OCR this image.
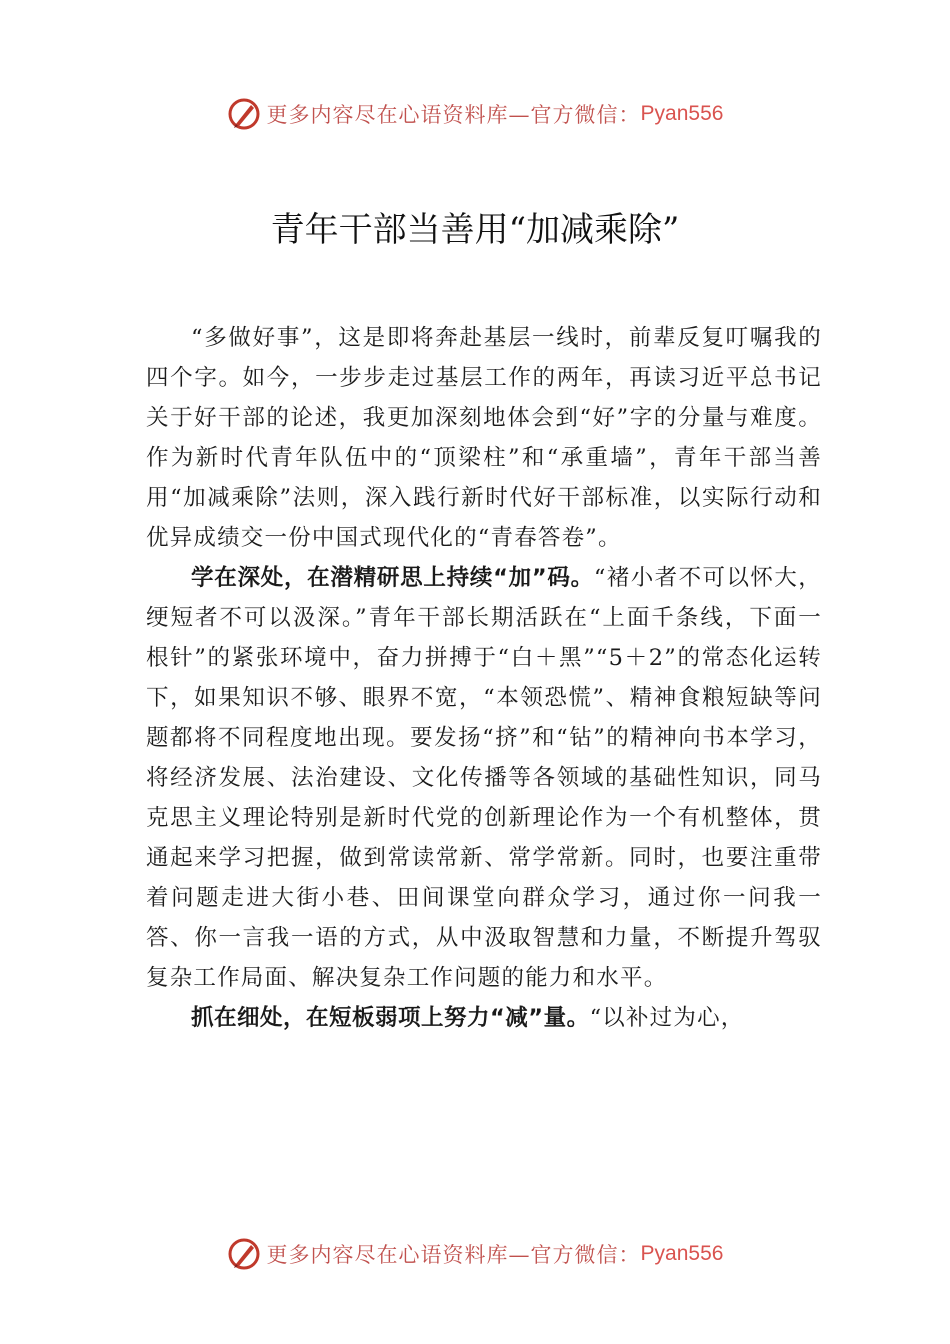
更多内容尽在心语资料库—官方微信： Pyan556
青年干部当善用“加减乘除”

“多做好事”，这是即将奔赴基层一线时，前辈反复叮嘱我的四个字。如今，一步步走过基层工作的两年，再读习近平总书记关于好干部的论述，我更加深刻地体会到“好”字的分量与难度。作为新时代青年队伍中的“顶梁柱”和“承重墙”，青年干部当善用“加减乘除”法则，深入践行新时代好干部标准，以实际行动和优异成绩交一份中国式现代化的“青春答卷”。

学在深处，在潜精研思上持续“加”码。“褚小者不可以怀大，绠短者不可以汲深。”青年干部长期活跃在“上面千条线，下面一根针”的紧张环境中，奋力拼搏于“白＋黑”“5＋2”的常态化运转下，如果知识不够、眼界不宽，“本领恐慌”、精神食粮短缺等问题都将不同程度地出现。要发扬“挤”和“钻”的精神向书本学习，将经济发展、法治建设、文化传播等各领域的基础性知识，同马克思主义理论特别是新时代党的创新理论作为一个有机整体，贯通起来学习把握，做到常读常新、常学常新。同时，也要注重带着问题走进大街小巷、田间课堂向群众学习，通过你一问我一答、你一言我一语的方式，从中汲取智慧和力量，不断提升驾驭复杂工作局面、解决复杂工作问题的能力和水平。

抓在细处，在短板弱项上努力“减”量。“以补过为心，

更多内容尽在心语资料库—官方微信： Pyan556
